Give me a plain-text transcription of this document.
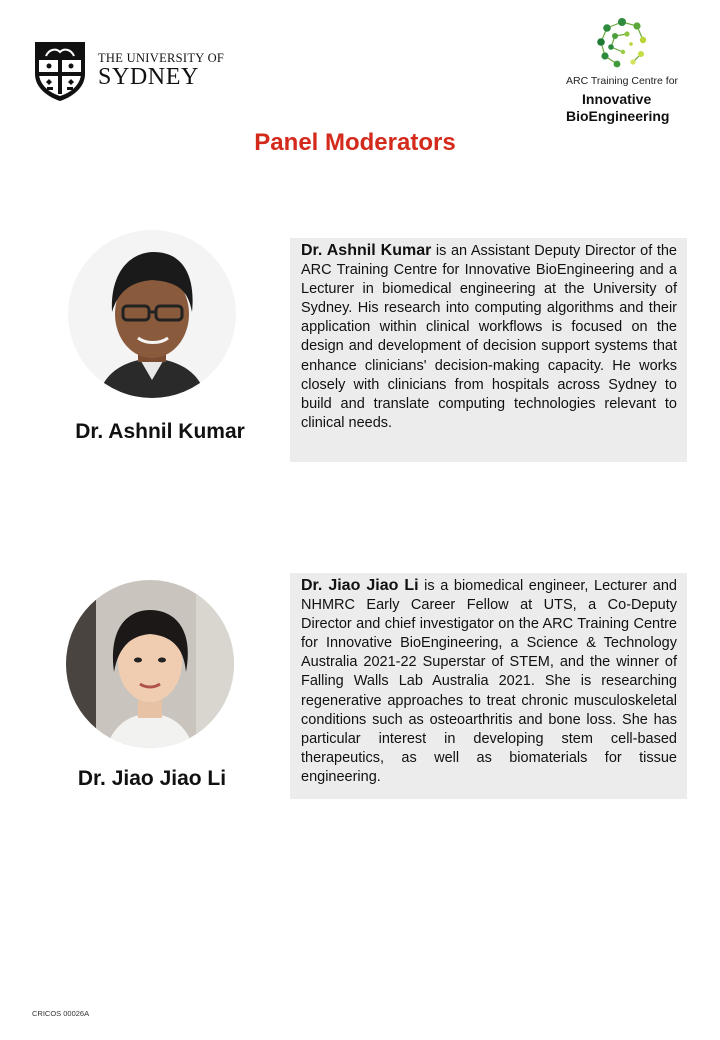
THE UNIVERSITY OF
SYDNEY	ARC Training Centre for
Innovative
BioEngineering
Panel Moderators
Dr. Ashnil Kumar

Dr. Ashnil Kumar is an Assistant Deputy Director of the ARC Training Centre for Innovative BioEngineering and a Lecturer in biomedical engineering at the University of Sydney. His research into computing algorithms and their application within clinical workflows is focused on the design and development of decision support systems that enhance clinicians' decision-making capacity. He works closely with clinicians from hospitals across Sydney to build and translate computing technologies relevant to clinical needs.

Dr. Jiao Jiao Li

Dr. Jiao Jiao Li is a biomedical engineer, Lecturer and NHMRC Early Career Fellow at UTS, a Co-Deputy Director and chief investigator on the ARC Training Centre for Innovative BioEngineering, a Science & Technology Australia 2021-22 Superstar of STEM, and the winner of Falling Walls Lab Australia 2021. She is researching regenerative approaches to treat chronic musculoskeletal conditions such as osteoarthritis and bone loss. She has particular interest in developing stem cell-based therapeutics, as well as biomaterials for tissue engineering.

CRICOS 00026A
